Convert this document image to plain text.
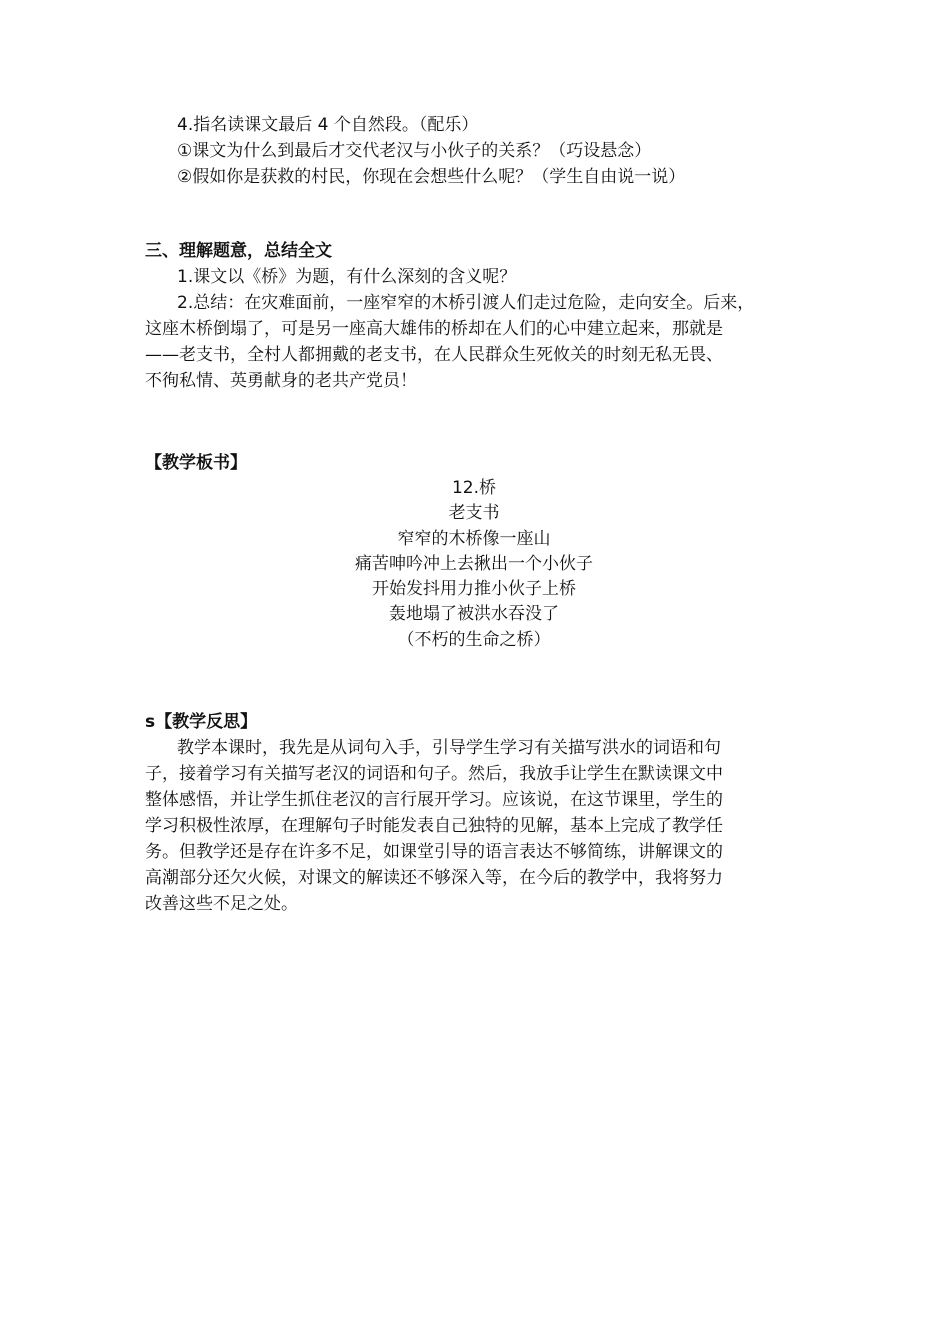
4.指名读课文最后 4 个自然段。（配乐）
①课文为什么到最后才交代老汉与小伙子的关系？（巧设悬念）
②假如你是获救的村民，你现在会想些什么呢？（学生自由说一说）
三、理解题意，总结全文
1.课文以《桥》为题，有什么深刻的含义呢？
2.总结：在灾难面前，一座窄窄的木桥引渡人们走过危险，走向安全。后来，
这座木桥倒塌了，可是另一座高大雄伟的桥却在人们的心中建立起来，那就是
——老支书，全村人都拥戴的老支书，在人民群众生死攸关的时刻无私无畏、
不徇私情、英勇献身的老共产党员！
【教学板书】
12.桥
老支书
窄窄的木桥像一座山
痛苦呻吟冲上去揪出一个小伙子
开始发抖用力推小伙子上桥
轰地塌了被洪水吞没了
（不朽的生命之桥）
s【教学反思】
教学本课时，我先是从词句入手，引导学生学习有关描写洪水的词语和句
子，接着学习有关描写老汉的词语和句子。然后，我放手让学生在默读课文中
整体感悟，并让学生抓住老汉的言行展开学习。应该说，在这节课里，学生的
学习积极性浓厚，在理解句子时能发表自己独特的见解，基本上完成了教学任
务。但教学还是存在许多不足，如课堂引导的语言表达不够简练，讲解课文的
高潮部分还欠火候，对课文的解读还不够深入等，在今后的教学中，我将努力
改善这些不足之处。
